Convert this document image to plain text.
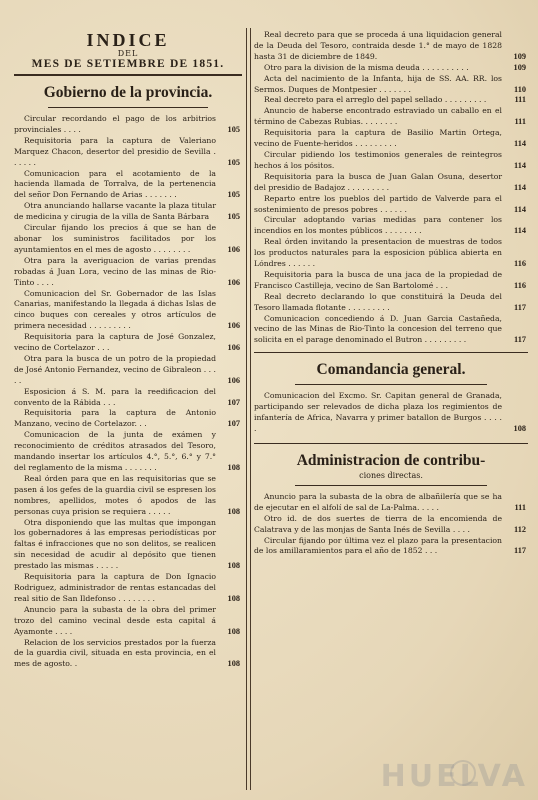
INDICE
DEL
MES DE SETIEMBRE DE 1851.
Gobierno de la provincia.
Circular recordando el pago de los arbitrios provinciales . . . .	105
Requisitoria para la captura de Valeriano Marquez Chacon, desertor del presidio de Sevilla . . . . . .	105
Comunicacion para el acotamiento de la hacienda llamada de Torralva, de la pertenencia del señor Don Fernando de Arias . . . . . . .	105
Otra anunciando hallarse vacante la plaza titular de medicina y cirugia de la villa de Santa Bárbara	105
Circular fijando los precios á que se han de abonar los suministros facilitados por los ayuntamientos en el mes de agosto . . . . . . . .	106
Otra para la averiguacion de varias prendas robadas á Juan Lora, vecino de las minas de Rio-Tinto . . . .	106
Comunicacion del Sr. Gobernador de las Islas Canarias, manifestando la llegada á dichas Islas de cinco buques con cereales y otros artículos de primera necesidad . . . . . . . . .	106
Requisitoria para la captura de José Gonzalez, vecino de Cortelazor . . .	106
Otra para la busca de un potro de la propiedad de José Antonio Fernandez, vecino de Gibraleon . . . . .	106
Esposicion á S. M. para la reedificacion del convento de la Rábida . . .	107
Requisitoria para la captura de Antonio Manzano, vecino de Cortelazor. . .	107
Comunicacion de la junta de exámen y reconocimiento de créditos atrasados del Tesoro, mandando insertar los artículos 4.°, 5.°, 6.° y 7.° del reglamento de la misma . . . . . . .	108
Real órden para que en las requisitorias que se pasen á los gefes de la guardia civil se espresen los nombres, apellidos, motes ó apodos de las personas cuya prision se requiera . . . . .	108
Otra disponiendo que las multas que impongan los gobernadores á las empresas periodísticas por faltas é infracciones que no son delitos, se realicen sin necesidad de acudir al depósito que tienen prestado las mismas . . . . .	108
Requisitoria para la captura de Don Ignacio Rodriguez, administrador de rentas estancadas del real sitio de San Ildefonso . . . . . . . .	108
Anuncio para la subasta de la obra del primer trozo del camino vecinal desde esta capital á Ayamonte . . . .	108
Relacion de los servicios prestados por la fuerza de la guardia civil, situada en esta provincia, en el mes de agosto. .	108
Real decreto para que se proceda á una liquidacion general de la Deuda del Tesoro, contraida desde 1.° de mayo de 1828 hasta 31 de diciembre de 1849.	109
Otro para la division de la misma deuda . . . . . . . . . .	109
Acta del nacimiento de la Infanta, hija de SS. AA. RR. los Sermos. Duques de Montpesier . . . . . . .	110
Real decreto para el arreglo del papel sellado . . . . . . . . .	111
Anuncio de haberse encontrado estraviado un caballo en el término de Cabezas Rubias. . . . . . . .	111
Requisitoria para la captura de Basilio Martin Ortega, vecino de Fuente-heridos . . . . . . . . .	114
Circular pidiendo los testimonios generales de reintegros hechos á los pósitos.	114
Requisitoria para la busca de Juan Galan Osuna, desertor del presidio de Badajoz . . . . . . . . .	114
Reparto entre los pueblos del partido de Valverde para el sostenimiento de presos pobres . . . . . .	114
Circular adoptando varias medidas para contener los incendios en los montes públicos . . . . . . . .	114
Real órden invitando la presentacion de muestras de todos los productos naturales para la esposicion pública abierta en Lóndres . . . . . .	116
Requisitoria para la busca de una jaca de la propiedad de Francisco Castilleja, vecino de San Bartolomé . . .	116
Real decreto declarando lo que constituirá la Deuda del Tesoro llamada flotante . . . . . . . . .	117
Comunicacion concediendo á D. Juan Garcia Castañeda, vecino de las Minas de Rio-Tinto la concesion del terreno que solicita en el parage denominado el Butron . . . . . . . . .	117
Comandancia general.
Comunicacion del Excmo. Sr. Capitan general de Granada, participando ser relevados de dicha plaza los regimientos de infantería de Africa, Navarra y primer batallon de Burgos . . . . .	108
Administracion de contribu-
ciones directas.
Anuncio para la subasta de la obra de albañilería que se ha de ejecutar en el alfolí de sal de La-Palma. . . . .	111
Otro id. de dos suertes de tierra de la encomienda de Calatrava y de las monjas de Santa Inés de Sevilla . . . .	112
Circular fijando por última vez el plazo para la presentacion de los amillaramientos para el año de 1852 . . .	117
HUELVA
